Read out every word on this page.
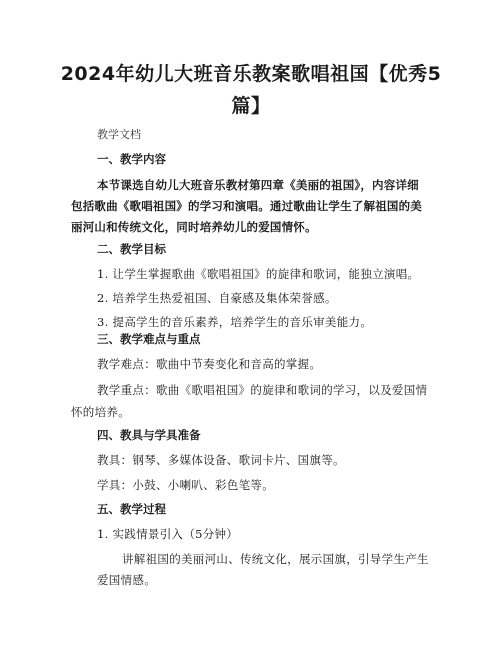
2024年幼儿大班音乐教案歌唱祖国【优秀5
篇】
教学文档
一、教学内容
本节课选自幼儿大班音乐教材第四章《美丽的祖国》，内容详细
包括歌曲《歌唱祖国》的学习和演唱。通过歌曲让学生了解祖国的美
丽河山和传统文化，同时培养幼儿的爱国情怀。
二、教学目标
1. 让学生掌握歌曲《歌唱祖国》的旋律和歌词，能独立演唱。
2. 培养学生热爱祖国、自豪感及集体荣誉感。
3. 提高学生的音乐素养，培养学生的音乐审美能力。
三、教学难点与重点
教学难点：歌曲中节奏变化和音高的掌握。
教学重点：歌曲《歌唱祖国》的旋律和歌词的学习，以及爱国情
怀的培养。
四、教具与学具准备
教具：钢琴、多媒体设备、歌词卡片、国旗等。
学具：小鼓、小喇叭、彩色笔等。
五、教学过程
1. 实践情景引入（5分钟）
讲解祖国的美丽河山、传统文化，展示国旗，引导学生产生
爱国情感。
